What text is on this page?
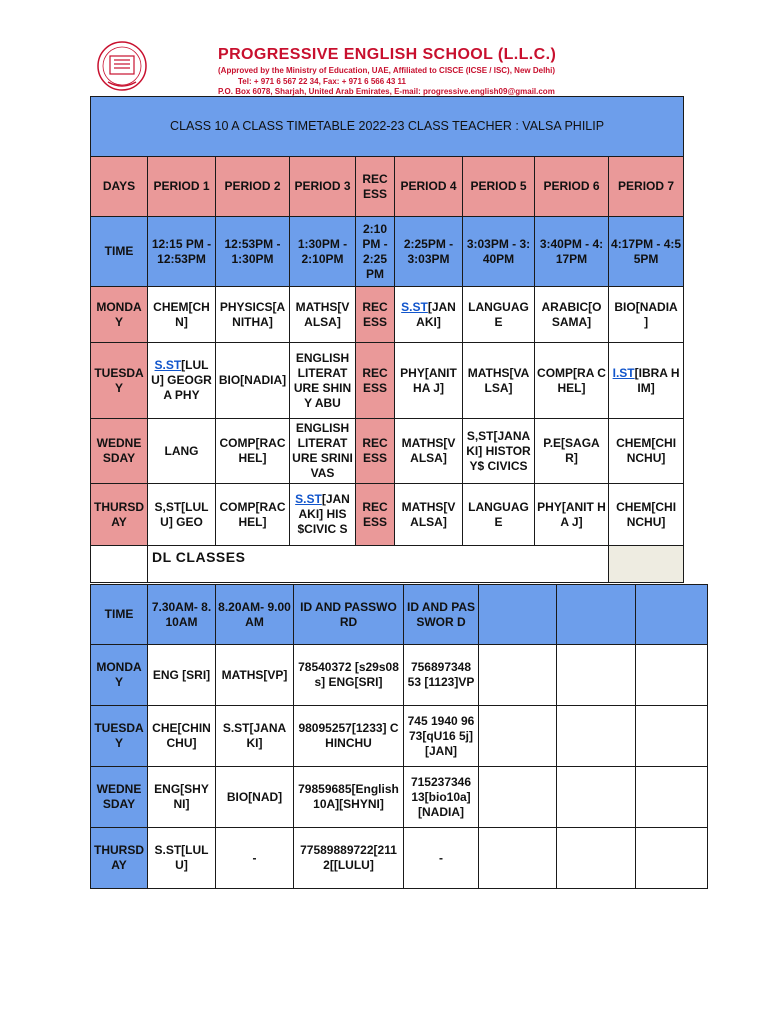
PROGRESSIVE ENGLISH SCHOOL (L.L.C.)
(Approved by the Ministry of Education, UAE, Affiliated to CISCE (ICSE / ISC), New Delhi)
Tel: + 971 6 567 22 34, Fax: + 971 6 566 43 11
P.O. Box 6078, Sharjah, United Arab Emirates, E-mail: progressive.english09@gmail.com
CLASS 10 A CLASS TIMETABLE 2022-23 CLASS TEACHER : VALSA PHILIP								
DAYS	PERIOD 1	PERIOD 2	PERIOD 3	REC ESS	PERIOD 4	PERIOD 5	PERIOD 6	PERIOD 7
TIME	12:15 PM - 12:53PM	12:53PM - 1:30PM	1:30PM - 2:10PM	2:10 PM - 2:25 PM	2:25PM - 3:03PM	3:03PM - 3:40PM	3:40PM - 4:17PM	4:17PM - 4:55PM
MONDA Y	CHEM[CH N]	PHYSICS[A NITHA]	MATHS[V ALSA]	REC ESS	S.ST[JAN AKI]	LANGUAG E	ARABIC[O SAMA]	BIO[NADIA ]
TUESDA Y	S.ST[LUL U] GEOGRA PHY	BIO[NADIA]	ENGLISH LITERAT URE SHINY ABU	REC ESS	PHY[ANIT HA J]	MATHS[VA LSA]	COMP[RA CHEL]	I.ST[IBRA HIM]
WEDNE SDAY	LANG	COMP[RAC HEL]	ENGLISH LITERAT URE SRINIVAS	REC ESS	MATHS[V ALSA]	S,ST[JANA KI] HISTORY$ CIVICS	P.E[SAGA R]	CHEM[CHI NCHU]
THURSD AY	S,ST[LUL U] GEO	COMP[RAC HEL]	S.ST[JANAKI] HIS$CIVIC S	REC ESS	MATHS[V ALSA]	LANGUAG E	PHY[ANIT HA J]	CHEM[CHI NCHU]
	DL CLASSES							
TIME	7.30AM- 8.10AM	8.20AM- 9.00AM	ID AND PASSWORD	ID AND PASSWOR D			
MONDA Y	ENG [SRI]	MATHS[VP]	78540372 [s29s08s] ENG[SRI]	756897348 53 [1123]VP			
TUESDA Y	CHE[CHIN CHU]	S.ST[JANA KI]	98095257[1233] CHINCHU	745 1940 9673[qU16 5j][JAN]			
WEDNE SDAY	ENG[SHY NI]	BIO[NAD]	79859685[English 10A][SHYNI]	715237346 13[bio10a] [NADIA]			
THURSD AY	S.ST[LUL U]	-	77589889722[211 2[[LULU]	-			
